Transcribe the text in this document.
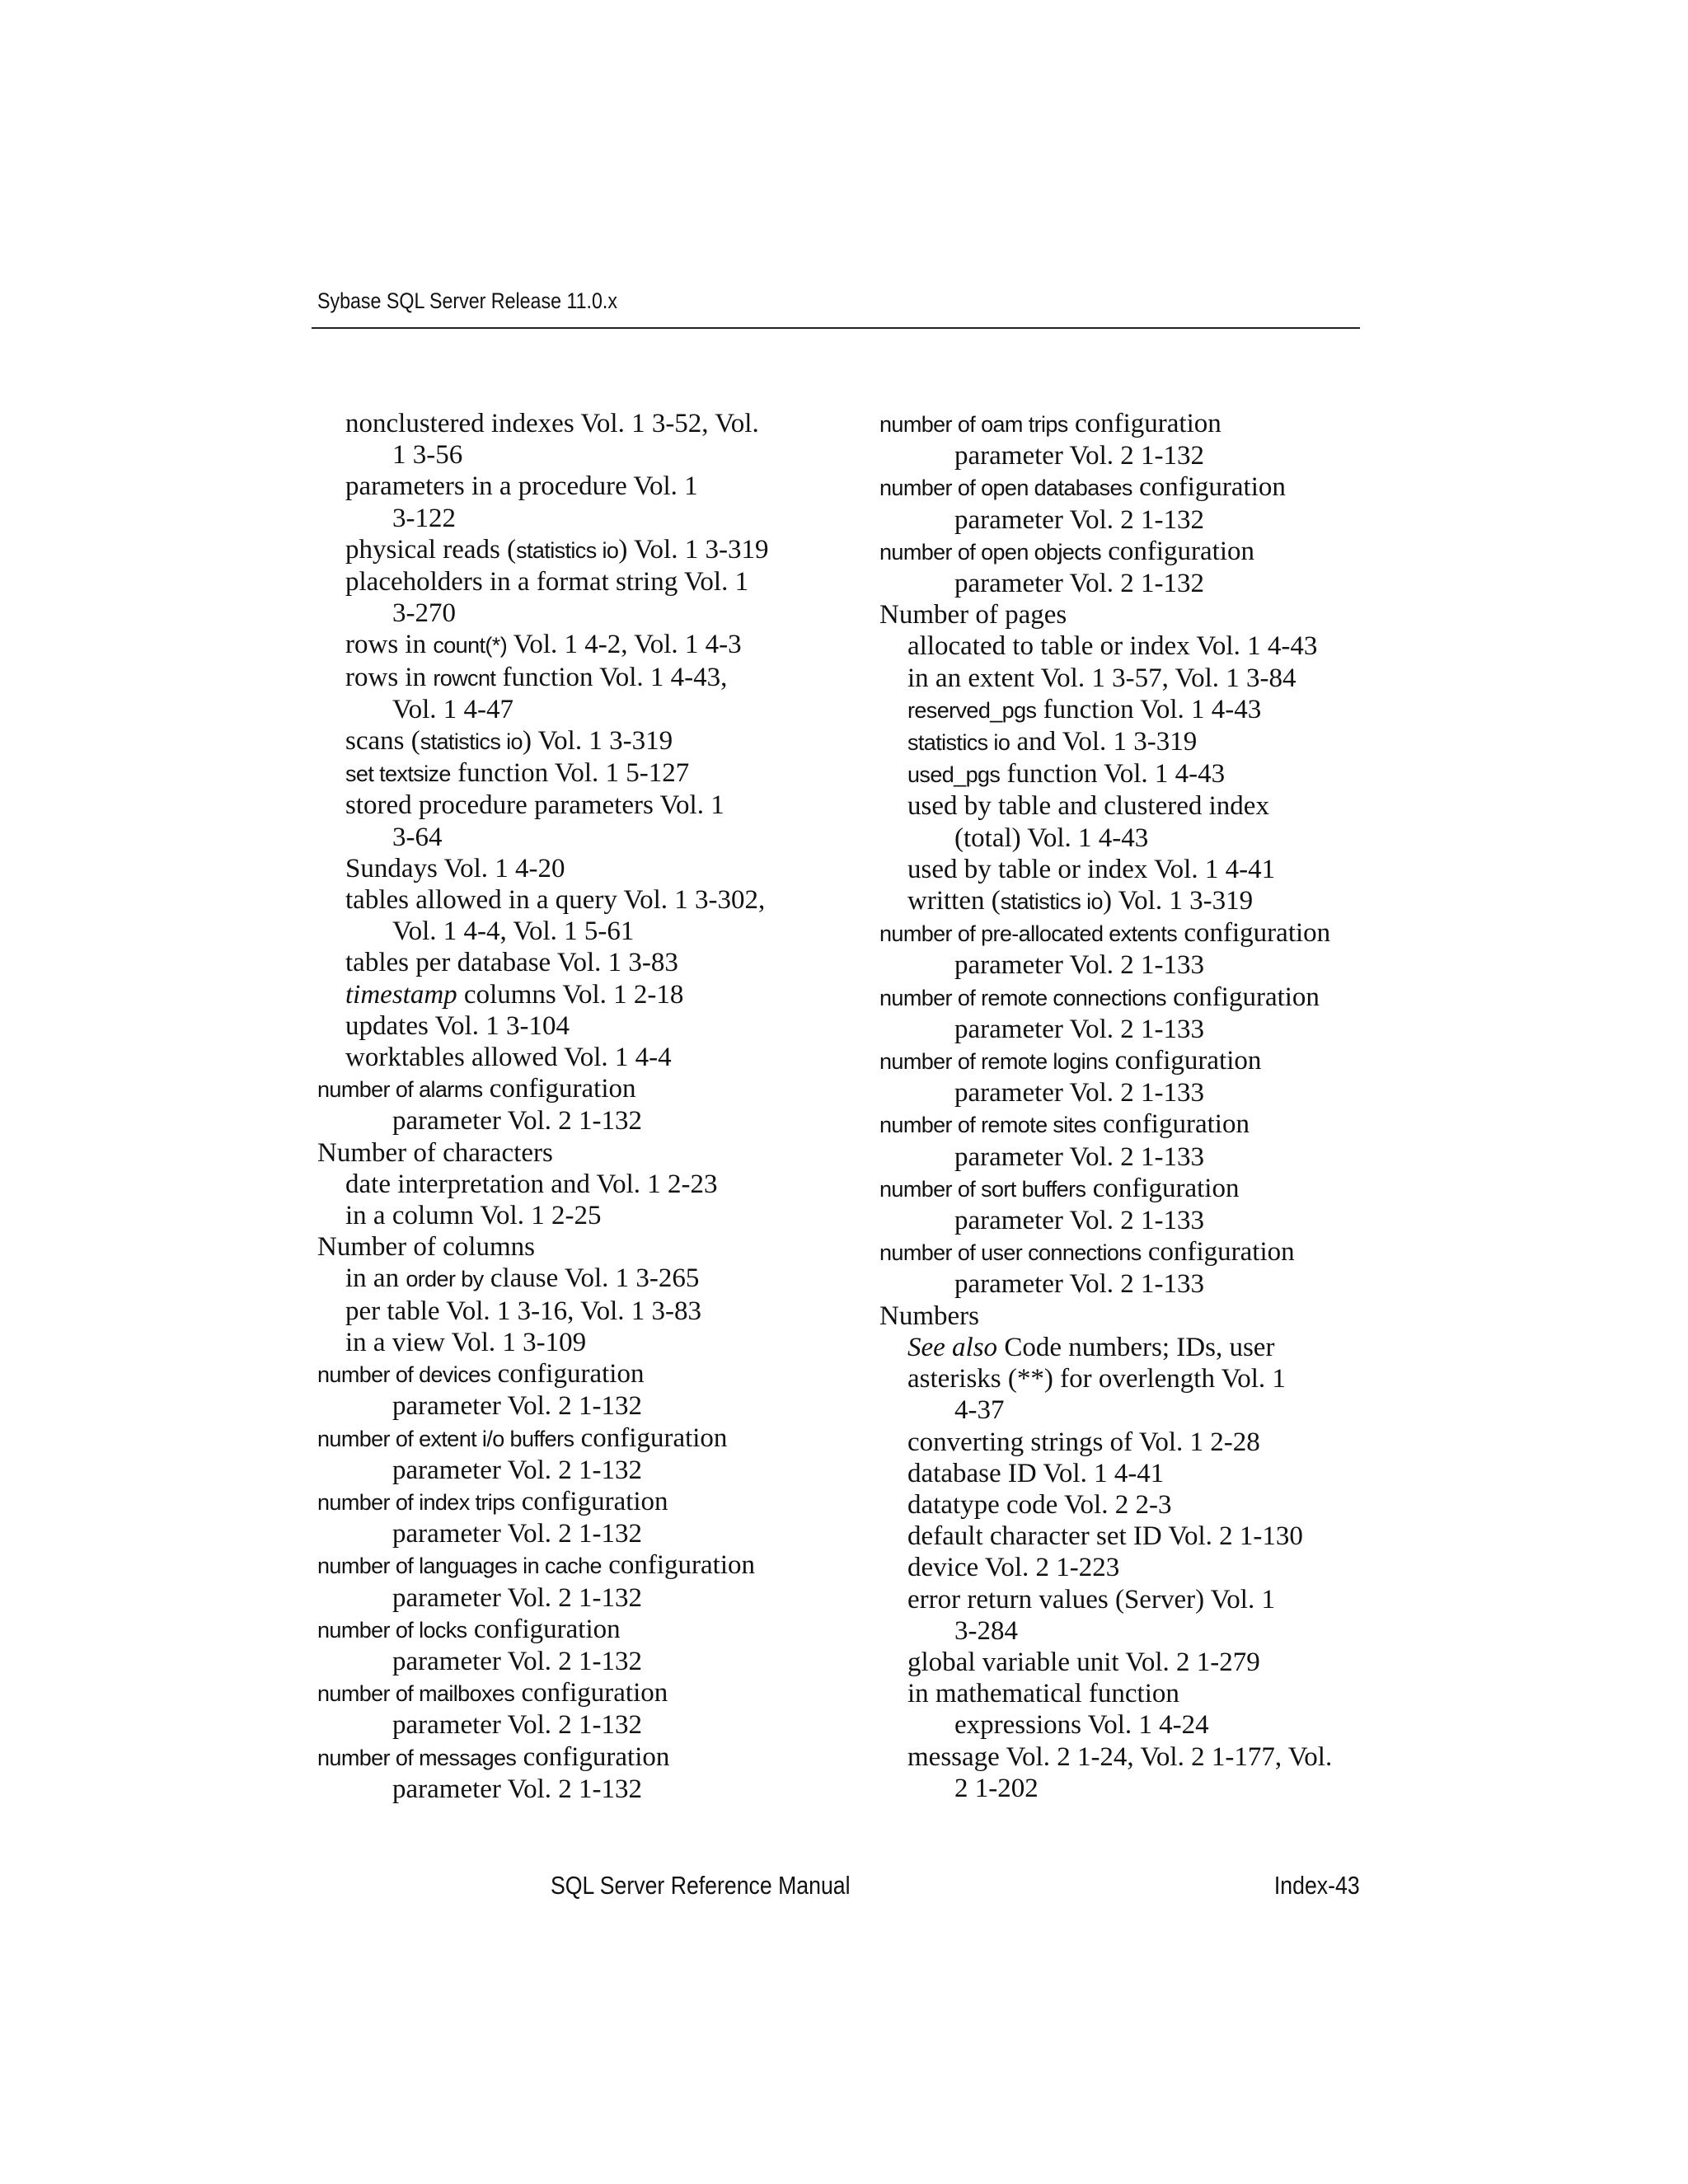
Sybase SQL Server Release 11.0.x
nonclustered indexes Vol. 1 3-52, Vol.
1 3-56
parameters in a procedure Vol. 1
3-122
physical reads (statistics io) Vol. 1 3-319
placeholders in a format string Vol. 1
3-270
rows in count(*) Vol. 1 4-2, Vol. 1 4-3
rows in rowcnt function Vol. 1 4-43,
Vol. 1 4-47
scans (statistics io) Vol. 1 3-319
set textsize function Vol. 1 5-127
stored procedure parameters Vol. 1
3-64
Sundays Vol. 1 4-20
tables allowed in a query Vol. 1 3-302,
Vol. 1 4-4, Vol. 1 5-61
tables per database Vol. 1 3-83
timestamp columns Vol. 1 2-18
updates Vol. 1 3-104
worktables allowed Vol. 1 4-4
number of alarms configuration
parameter Vol. 2 1-132
Number of characters
date interpretation and Vol. 1 2-23
in a column Vol. 1 2-25
Number of columns
in an order by clause Vol. 1 3-265
per table Vol. 1 3-16, Vol. 1 3-83
in a view Vol. 1 3-109
number of devices configuration
parameter Vol. 2 1-132
number of extent i/o buffers configuration
parameter Vol. 2 1-132
number of index trips configuration
parameter Vol. 2 1-132
number of languages in cache configuration
parameter Vol. 2 1-132
number of locks configuration
parameter Vol. 2 1-132
number of mailboxes configuration
parameter Vol. 2 1-132
number of messages configuration
parameter Vol. 2 1-132
number of oam trips configuration
parameter Vol. 2 1-132
number of open databases configuration
parameter Vol. 2 1-132
number of open objects configuration
parameter Vol. 2 1-132
Number of pages
allocated to table or index Vol. 1 4-43
in an extent Vol. 1 3-57, Vol. 1 3-84
reserved_pgs function Vol. 1 4-43
statistics io and Vol. 1 3-319
used_pgs function Vol. 1 4-43
used by table and clustered index
(total) Vol. 1 4-43
used by table or index Vol. 1 4-41
written (statistics io) Vol. 1 3-319
number of pre-allocated extents configuration
parameter Vol. 2 1-133
number of remote connections configuration
parameter Vol. 2 1-133
number of remote logins configuration
parameter Vol. 2 1-133
number of remote sites configuration
parameter Vol. 2 1-133
number of sort buffers configuration
parameter Vol. 2 1-133
number of user connections configuration
parameter Vol. 2 1-133
Numbers
See also Code numbers; IDs, user
asterisks (**) for overlength Vol. 1
4-37
converting strings of Vol. 1 2-28
database ID Vol. 1 4-41
datatype code Vol. 2 2-3
default character set ID Vol. 2 1-130
device Vol. 2 1-223
error return values (Server) Vol. 1
3-284
global variable unit Vol. 2 1-279
in mathematical function
expressions Vol. 1 4-24
message Vol. 2 1-24, Vol. 2 1-177, Vol.
2 1-202
SQL Server Reference Manual	Index-43
